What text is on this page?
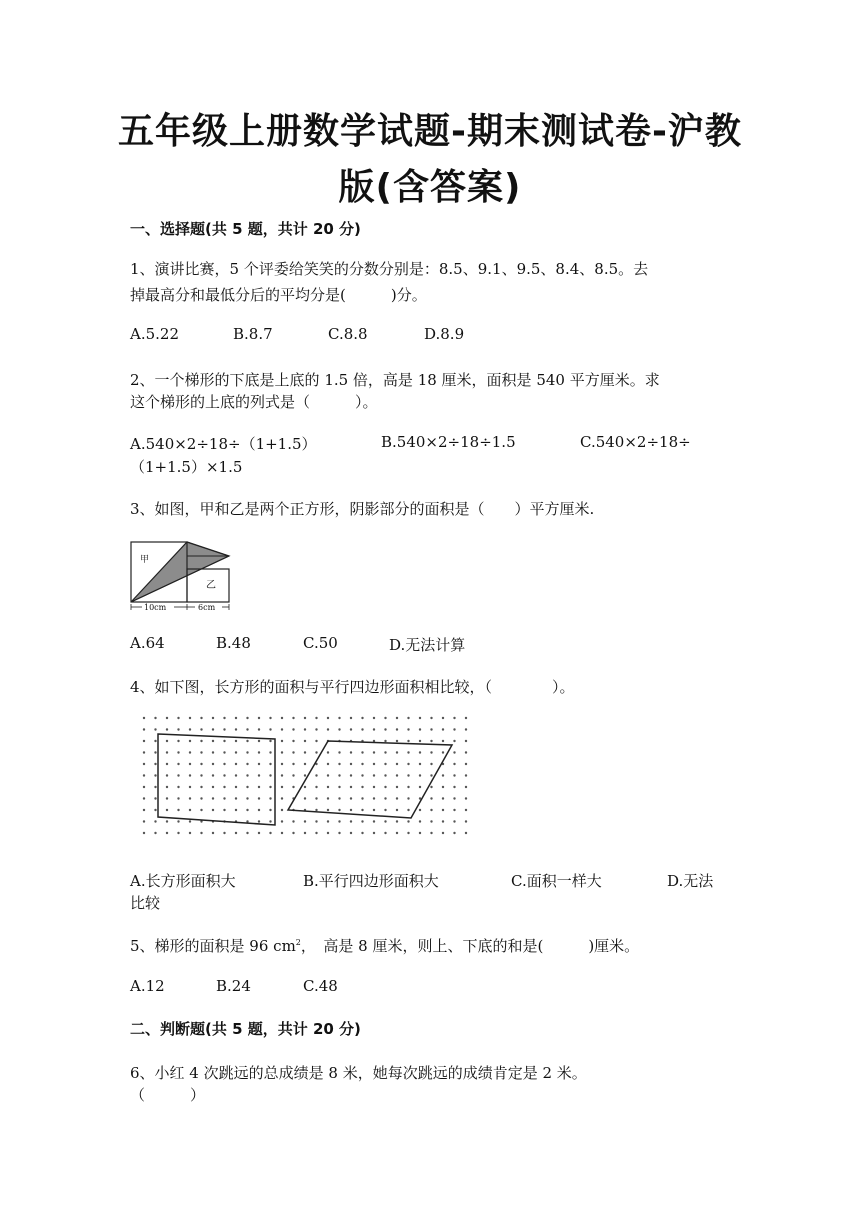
五年级上册数学试题-期末测试卷-沪教
版(含答案)
一、选择题(共 5 题，共计 20 分)
1、演讲比赛，5 个评委给笑笑的分数分别是：8.5、9.1、9.5、8.4、8.5。去
掉最高分和最低分后的平均分是(　　　)分。
A.5.22	B.8.7	C.8.8	D.8.9
2、一个梯形的下底是上底的 1.5 倍，高是 18 厘米，面积是 540 平方厘米。求
这个梯形的上底的列式是（　　　）。
A.540×2÷18÷（1+1.5）	B.540×2÷18÷1.5	C.540×2÷18÷
（1+1.5）×1.5
3、如图，甲和乙是两个正方形，阴影部分的面积是（　　）平方厘米.
甲
乙
10cm	6cm
A.64	B.48	C.50	D.无法计算
4、如下图，长方形的面积与平行四边形面积相比较，（　　　　）。
A.长方形面积大	B.平行四边形面积大	C.面积一样大	D.无法
比较
5、梯形的面积是 96 $cm^2$，　高是 8 厘米，则上、下底的和是(　　　)厘米。
A.12	B.24	C.48
二、判断题(共 5 题，共计 20 分)
6、小红 4 次跳远的总成绩是 8 米，她每次跳远的成绩肯定是 2 米。
（　　　）
